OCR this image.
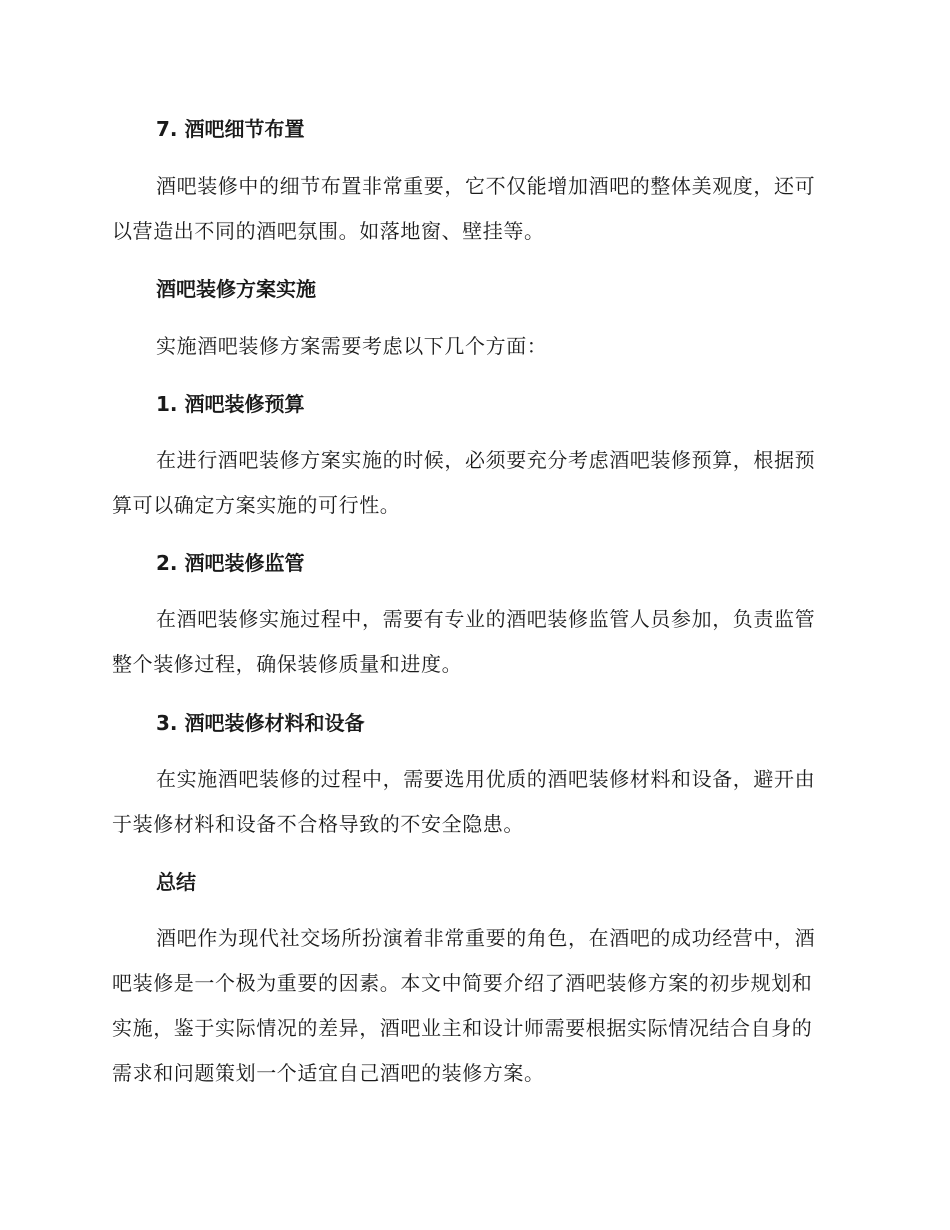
7. 酒吧细节布置

酒吧装修中的细节布置非常重要，它不仅能增加酒吧的整体美观度，还可以营造出不同的酒吧氛围。如落地窗、壁挂等。

酒吧装修方案实施

实施酒吧装修方案需要考虑以下几个方面：

1. 酒吧装修预算

在进行酒吧装修方案实施的时候，必须要充分考虑酒吧装修预算，根据预算可以确定方案实施的可行性。

2. 酒吧装修监管

在酒吧装修实施过程中，需要有专业的酒吧装修监管人员参加，负责监管整个装修过程，确保装修质量和进度。

3. 酒吧装修材料和设备

在实施酒吧装修的过程中，需要选用优质的酒吧装修材料和设备，避开由于装修材料和设备不合格导致的不安全隐患。

总结

酒吧作为现代社交场所扮演着非常重要的角色，在酒吧的成功经营中，酒吧装修是一个极为重要的因素。本文中简要介绍了酒吧装修方案的初步规划和实施，鉴于实际情况的差异，酒吧业主和设计师需要根据实际情况结合自身的需求和问题策划一个适宜自己酒吧的装修方案。
